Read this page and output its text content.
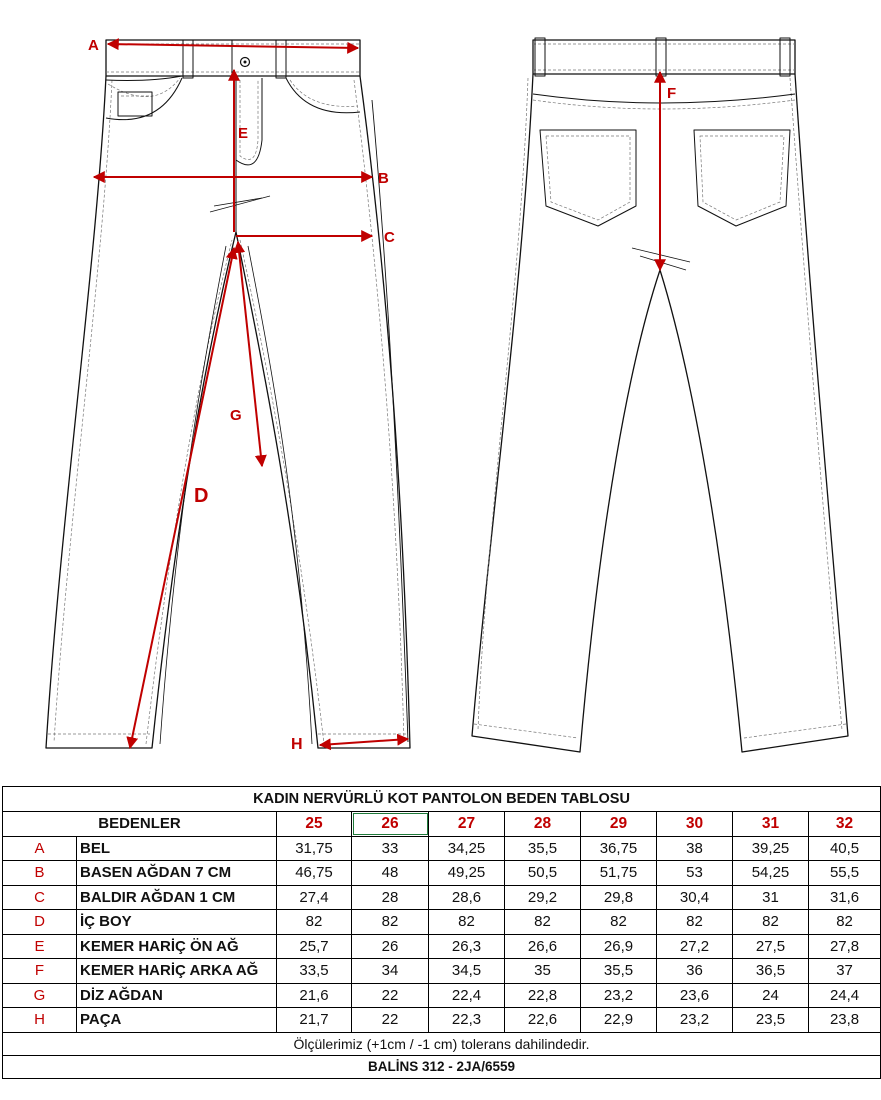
A
B
C
D
E
F
G
H
KADIN NERVÜRLÜ KOT PANTOLON BEDEN TABLOSU									
BEDENLER		25	26	27	28	29	30	31	32
A	BEL	31,75	33	34,25	35,5	36,75	38	39,25	40,5
B	BASEN AĞDAN 7 CM	46,75	48	49,25	50,5	51,75	53	54,25	55,5
C	BALDIR AĞDAN 1 CM	27,4	28	28,6	29,2	29,8	30,4	31	31,6
D	İÇ BOY	82	82	82	82	82	82	82	82
E	KEMER HARİÇ ÖN AĞ	25,7	26	26,3	26,6	26,9	27,2	27,5	27,8
F	KEMER HARİÇ ARKA AĞ	33,5	34	34,5	35	35,5	36	36,5	37
G	DİZ AĞDAN	21,6	22	22,4	22,8	23,2	23,6	24	24,4
H	PAÇA	21,7	22	22,3	22,6	22,9	23,2	23,5	23,8
Ölçülerimiz (+1cm / -1 cm) tolerans dahilindedir.									
BALİNS 312 - 2JA/6559									
